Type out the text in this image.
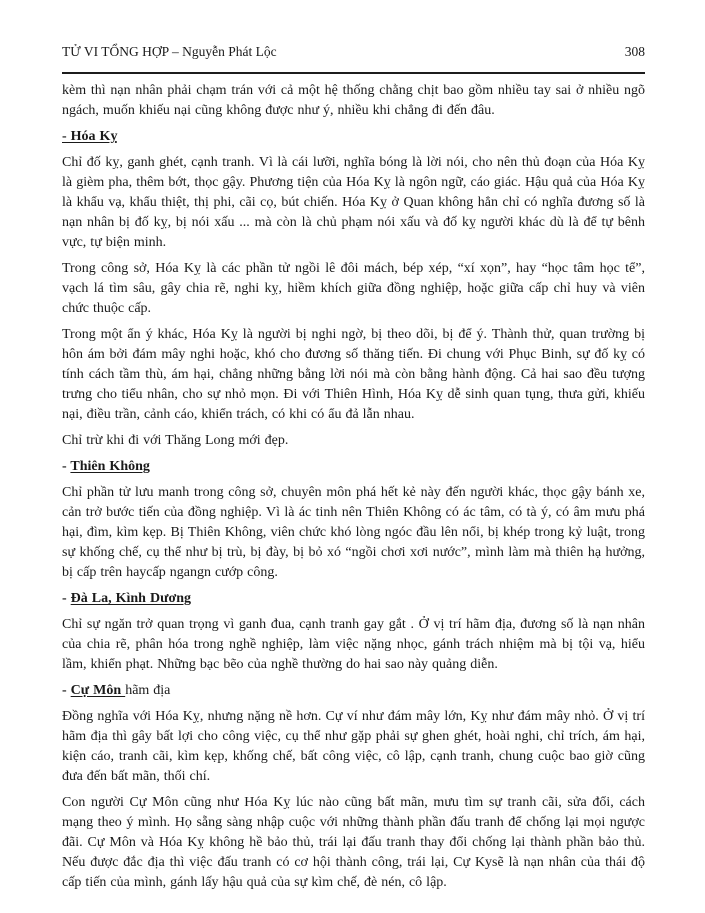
TỬ VI TỔNG HỢP – Nguyễn Phát Lộc	308

kèm thì nạn nhân phải chạm trán với cả một hệ thống chằng chịt bao gồm nhiều tay sai ở nhiều ngõ ngách, muốn khiếu nại cũng không được như ý, nhiều khi chẳng đi đến đâu.

- Hóa Kỵ

Chỉ đố kỵ, ganh ghét, cạnh tranh. Vì là cái lưỡi, nghĩa bóng là lời nói, cho nên thủ đoạn của Hóa Kỵ là gièm pha, thêm bớt, thọc gậy. Phương tiện của Hóa Kỵ là ngôn ngữ, cáo giác. Hậu quả của Hóa Kỵ là khẩu vạ, khẩu thiệt, thị phi, cãi cọ, bút chiến. Hóa Kỵ ở Quan không hẳn chỉ có nghĩa đương số là nạn nhân bị đố kỵ, bị nói xấu ... mà còn là chủ phạm nói xấu và đố kỵ người khác dù là để tự bênh vực, tự biện minh.

Trong công sở, Hóa Kỵ là các phần tử ngồi lê đôi mách, bép xép, “xí xọn”, hay “học tâm học tể”, vạch lá tìm sâu, gây chia rẽ, nghi kỵ, hiềm khích giữa đồng nghiệp, hoặc giữa cấp chỉ huy và viên chức thuộc cấp.

Trong một ẩn ý khác, Hóa Kỵ là người bị nghi ngờ, bị theo dõi, bị để ý. Thành thử, quan trường bị hôn ám bởi đám mây nghi hoặc, khó cho đương số thăng tiến. Đi chung với Phục Binh, sự đố kỵ có tính cách tầm thù, ám hại, chẳng những bằng lời nói mà còn bằng hành động. Cả hai sao đều tượng trưng cho tiểu nhân, cho sự nhỏ mọn. Đi với Thiên Hình, Hóa Kỵ dễ sinh quan tụng, thưa gửi, khiếu nại, điều trần, cảnh cáo, khiển trách, có khi có ẩu đả lẫn nhau.

Chỉ trừ khi đi với Thăng Long mới đẹp.

- Thiên Không

Chỉ phần tử lưu manh trong công sở, chuyên môn phá hết kẻ này đến người khác, thọc gậy bánh xe, cản trở bước tiến của đồng nghiệp. Vì là ác tinh nên Thiên Không có ác tâm, có tà ý, có âm mưu phá hại, đìm, kìm kẹp. Bị Thiên Không, viên chức khó lòng ngóc đầu lên nổi, bị khép trong kỷ luật, trong sự khống chế, cụ thể như bị trù, bị đày, bị bỏ xó “ngồi chơi xơi nước”, mình làm mà thiên hạ hưởng, bị cấp trên haycấp ngangn cướp công.

- Đà La, Kình Dương

Chỉ sự ngăn trở quan trọng vì ganh đua, cạnh tranh gay gắt . Ở vị trí hãm địa, đương số là nạn nhân của chia rẽ, phân hóa trong nghề nghiệp, làm việc nặng nhọc, gánh trách nhiệm mà bị tội vạ, hiểu lầm, khiển phạt. Những bạc bẽo của nghề thường do hai sao này quảng diễn.

- Cự Môn hãm địa

Đồng nghĩa với Hóa Kỵ, nhưng nặng nề hơn. Cự ví như đám mây lớn, Kỵ như đám mây nhỏ. Ở vị trí hãm địa thì gây bất lợi cho công việc, cụ thể như gặp phải sự ghen ghét, hoài nghi, chỉ trích, ám hại, kiện cáo, tranh cãi, kìm kẹp, khống chế, bất công việc, cô lập, cạnh tranh, chung cuộc bao giờ cũng đưa đến bất mãn, thối chí.

Con người Cự Môn cũng như Hóa Kỵ lúc nào cũng bất mãn, mưu tìm sự tranh cãi, sửa đổi, cách mạng theo ý mình. Họ sẵng sàng nhập cuộc với những thành phần đấu tranh để chống lại mọi ngược đãi. Cự Môn và Hóa Kỵ không hề bảo thủ, trái lại đấu tranh thay đổi chống lại thành phần bảo thủ. Nếu được đắc địa thì việc đấu tranh có cơ hội thành công, trái lại, Cự Kysẽ là nạn nhân của thái độ cấp tiến của mình, gánh lấy hậu quả của sự kìm chế, đè nén, cô lập.
